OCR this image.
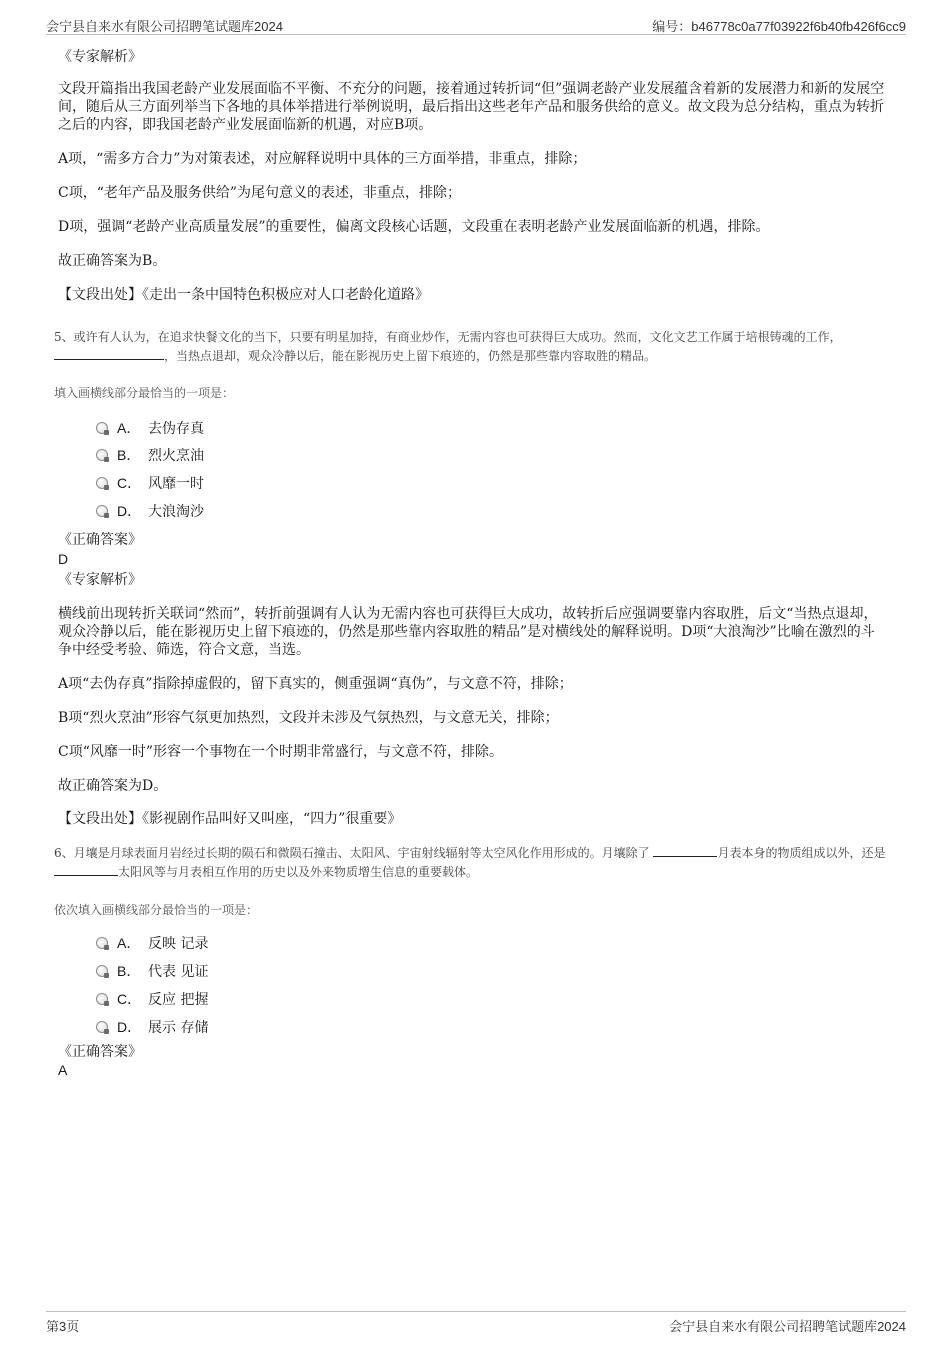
会宁县自来水有限公司招聘笔试题库2024	编号：b46778c0a77f03922f6b40fb426f6cc9
《专家解析》
文段开篇指出我国老龄产业发展面临不平衡、不充分的问题，接着通过转折词“但”强调老龄产业发展蕴含着新的发展潜力和新的发展空间，随后从三方面列举当下各地的具体举措进行举例说明，最后指出这些老年产品和服务供给的意义。故文段为总分结构，重点为转折之后的内容，即我国老龄产业发展面临新的机遇，对应B项。
A项，“需多方合力”为对策表述，对应解释说明中具体的三方面举措，非重点，排除；
C项，“老年产品及服务供给”为尾句意义的表述，非重点，排除；
D项，强调“老龄产业高质量发展”的重要性，偏离文段核心话题，文段重在表明老龄产业发展面临新的机遇，排除。
故正确答案为B。
【文段出处】《走出一条中国特色积极应对人口老龄化道路》
5、或许有人认为，在追求快餐文化的当下，只要有明星加持，有商业炒作，无需内容也可获得巨大成功。然而，文化文艺工作属于培根铸魂的工作，   ，当热点退却，观众冷静以后，能在影视历史上留下痕迹的，仍然是那些靠内容取胜的精品。
填入画横线部分最恰当的一项是：
A． 去伪存真
B． 烈火烹油
C． 风靡一时
D． 大浪淘沙
《正确答案》
D
《专家解析》
横线前出现转折关联词“然而”，转折前强调有人认为无需内容也可获得巨大成功，故转折后应强调要靠内容取胜，后文“当热点退却，观众冷静以后，能在影视历史上留下痕迹的，仍然是那些靠内容取胜的精品”是对横线处的解释说明。D项“大浪淘沙”比喻在激烈的斗争中经受考验、筛选，符合文意，当选。
A项“去伪存真”指除掉虚假的，留下真实的，侧重强调“真伪”，与文意不符，排除；
B项“烈火烹油”形容气氛更加热烈，文段并未涉及气氛热烈，与文意无关，排除；
C项“风靡一时”形容一个事物在一个时期非常盛行，与文意不符，排除。
故正确答案为D。
【文段出处】《影视剧作品叫好又叫座，“四力”很重要》
6、月壤是月球表面月岩经过长期的陨石和微陨石撞击、太阳风、宇宙射线辐射等太空风化作用形成的。月壤除了	月表本身的物质组成以外，还是 太阳风等与月表相互作用的历史以及外来物质增生信息的重要载体。
依次填入画横线部分最恰当的一项是：
A． 反映 记录
B． 代表 见证
C． 反应 把握
D． 展示 存储
《正确答案》
A
第3页	会宁县自来水有限公司招聘笔试题库2024
